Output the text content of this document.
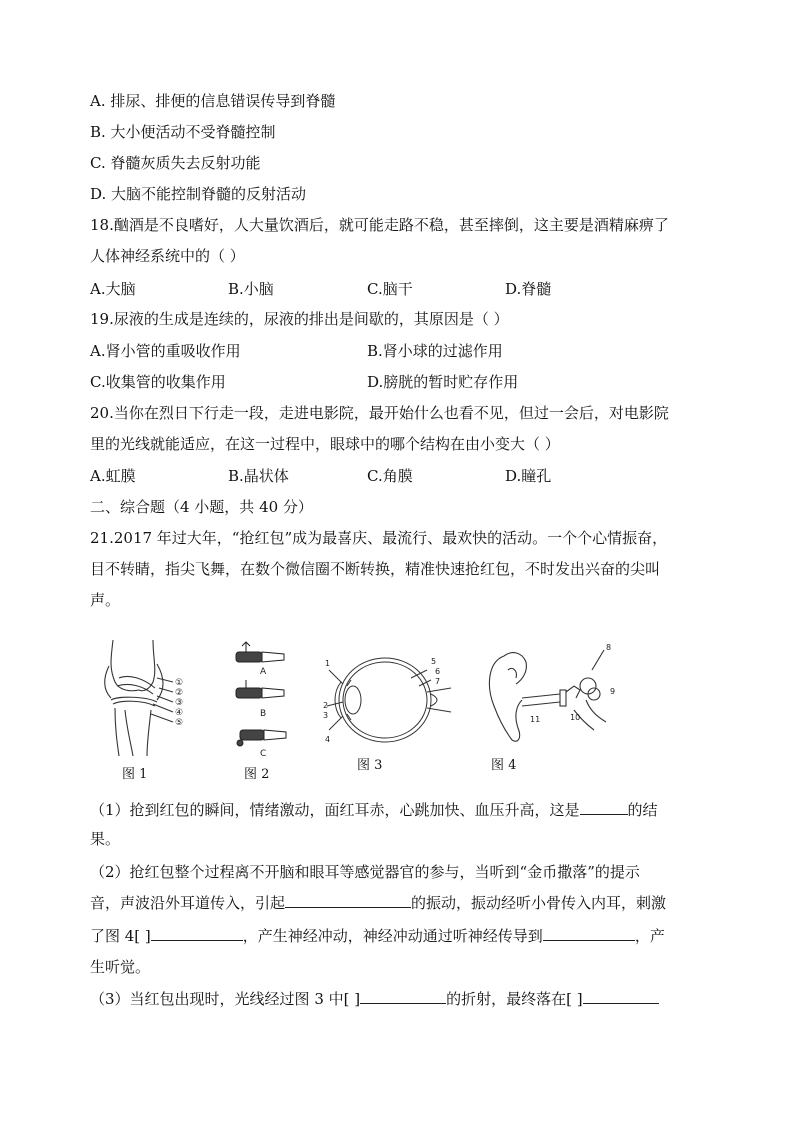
A. 排尿、排便的信息错误传导到脊髓
B. 大小便活动不受脊髓控制
C. 脊髓灰质失去反射功能
D. 大脑不能控制脊髓的反射活动
18.酗酒是不良嗜好，人大量饮酒后，就可能走路不稳，甚至摔倒，这主要是酒精麻痹了
人体神经系统中的（ ）
A.大脑	B.小脑	C.脑干	D.脊髓
19.尿液的生成是连续的，尿液的排出是间歇的，其原因是（ ）
A.肾小管的重吸收作用	B.肾小球的过滤作用
C.收集管的收集作用	D.膀胱的暂时贮存作用
20.当你在烈日下行走一段，走进电影院，最开始什么也看不见，但过一会后，对电影院
里的光线就能适应，在这一过程中，眼球中的哪个结构在由小变大（ ）
A.虹膜	B.晶状体	C.角膜	D.瞳孔
二、综合题（4 小题，共 40 分）
21.2017 年过大年，“抢红包”成为最喜庆、最流行、最欢快的活动。一个个心情振奋，
目不转睛，指尖飞舞，在数个微信圈不断转换，精准快速抢红包，不时发出兴奋的尖叫
声。
①
②
③
④
⑤
图 1
A
B
C
图 2
1
2
3
4
5
6
7
图 3
8
9
10
11
图 4
（1）抢到红包的瞬间，情绪激动，面红耳赤，心跳加快、血压升高，这是	的结
果。
（2）抢红包整个过程离不开脑和眼耳等感觉器官的参与，当听到“金币撒落”的提示
音，声波沿外耳道传入，引起	的振动，振动经听小骨传入内耳，刺激
了图 4[ ]	，产生神经冲动，神经冲动通过听神经传导到	，产
生听觉。
（3）当红包出现时，光线经过图 3 中[ ]	的折射，最终落在[ ]
